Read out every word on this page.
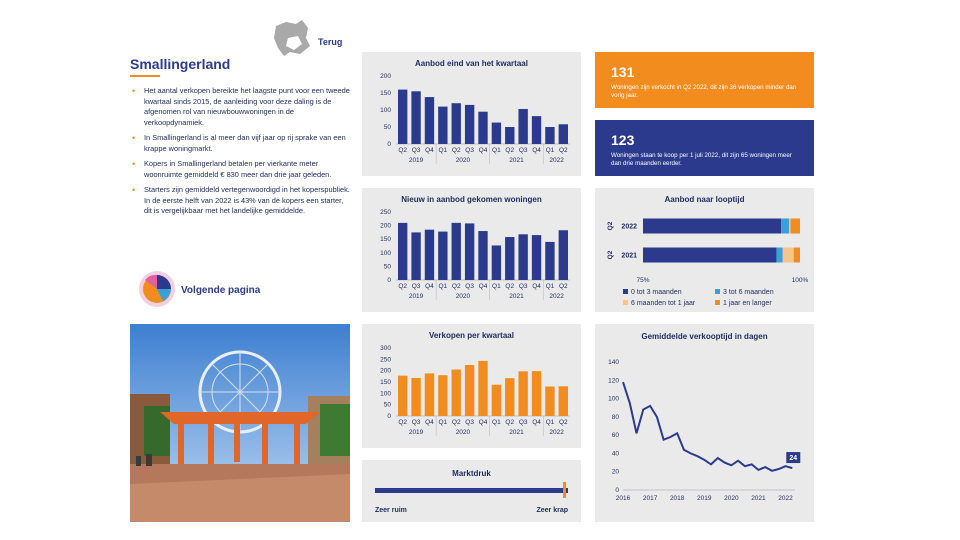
Terug
Smallingerland
• Het aantal verkopen bereikte het laagste punt voor een tweede kwartaal sinds 2015, de aanleiding voor deze daling is de afgenomen rol van nieuwbouwwoningen in de verkoopdynamiek.
• In Smallingerland is al meer dan vijf jaar op rij sprake van een krappe woningmarkt.
• Kopers in Smallingerland betalen per vierkante meter woonruimte gemiddeld € 830 meer dan drie jaar geleden.
• Starters zijn gemiddeld vertegenwoordigd in het koperspubliek. In de eerste helft van 2022 is 43% van de kopers een starter, dit is vergelijkbaar met het landelijke gemiddelde.
Volgende pagina
Aanbod eind van het kwartaal
0
50
100
150
200
Q2 Q3 Q4 Q1 Q2 Q3 Q4 Q1 Q2 Q3 Q4 Q1 Q2
2019	2020	2021	2022
Nieuw in aanbod gekomen woningen
0
50
100
150
200
250
Q2 Q3 Q4 Q1 Q2 Q3 Q4 Q1 Q2 Q3 Q4 Q1 Q2
2019	2020	2021	2022
Verkopen per kwartaal
0
50
100
150
200
250
300
Q2 Q3 Q4 Q1 Q2 Q3 Q4 Q1 Q2 Q3 Q4 Q1 Q2
2019	2020	2021	2022
Marktdruk
Zeer ruim	Zeer krap
131
Woningen zijn verkocht in Q2 2022, dit zijn 36 verkopen minder dan vorig jaar.
123
Woningen staan te koop per 1 juli 2022, dit zijn 65 woningen meer dan drie maanden eerder.
Aanbod naar looptijd
2022
Q2
2021
Q2
75%	100%
0 tot 3 maanden	3 tot 6 maanden
6 maanden tot 1 jaar	1 jaar en langer
Gemiddelde verkooptijd in dagen
0
20
40
60
80
100
120
140
2016 2017 2018 2019 2020 2021 2022
24
